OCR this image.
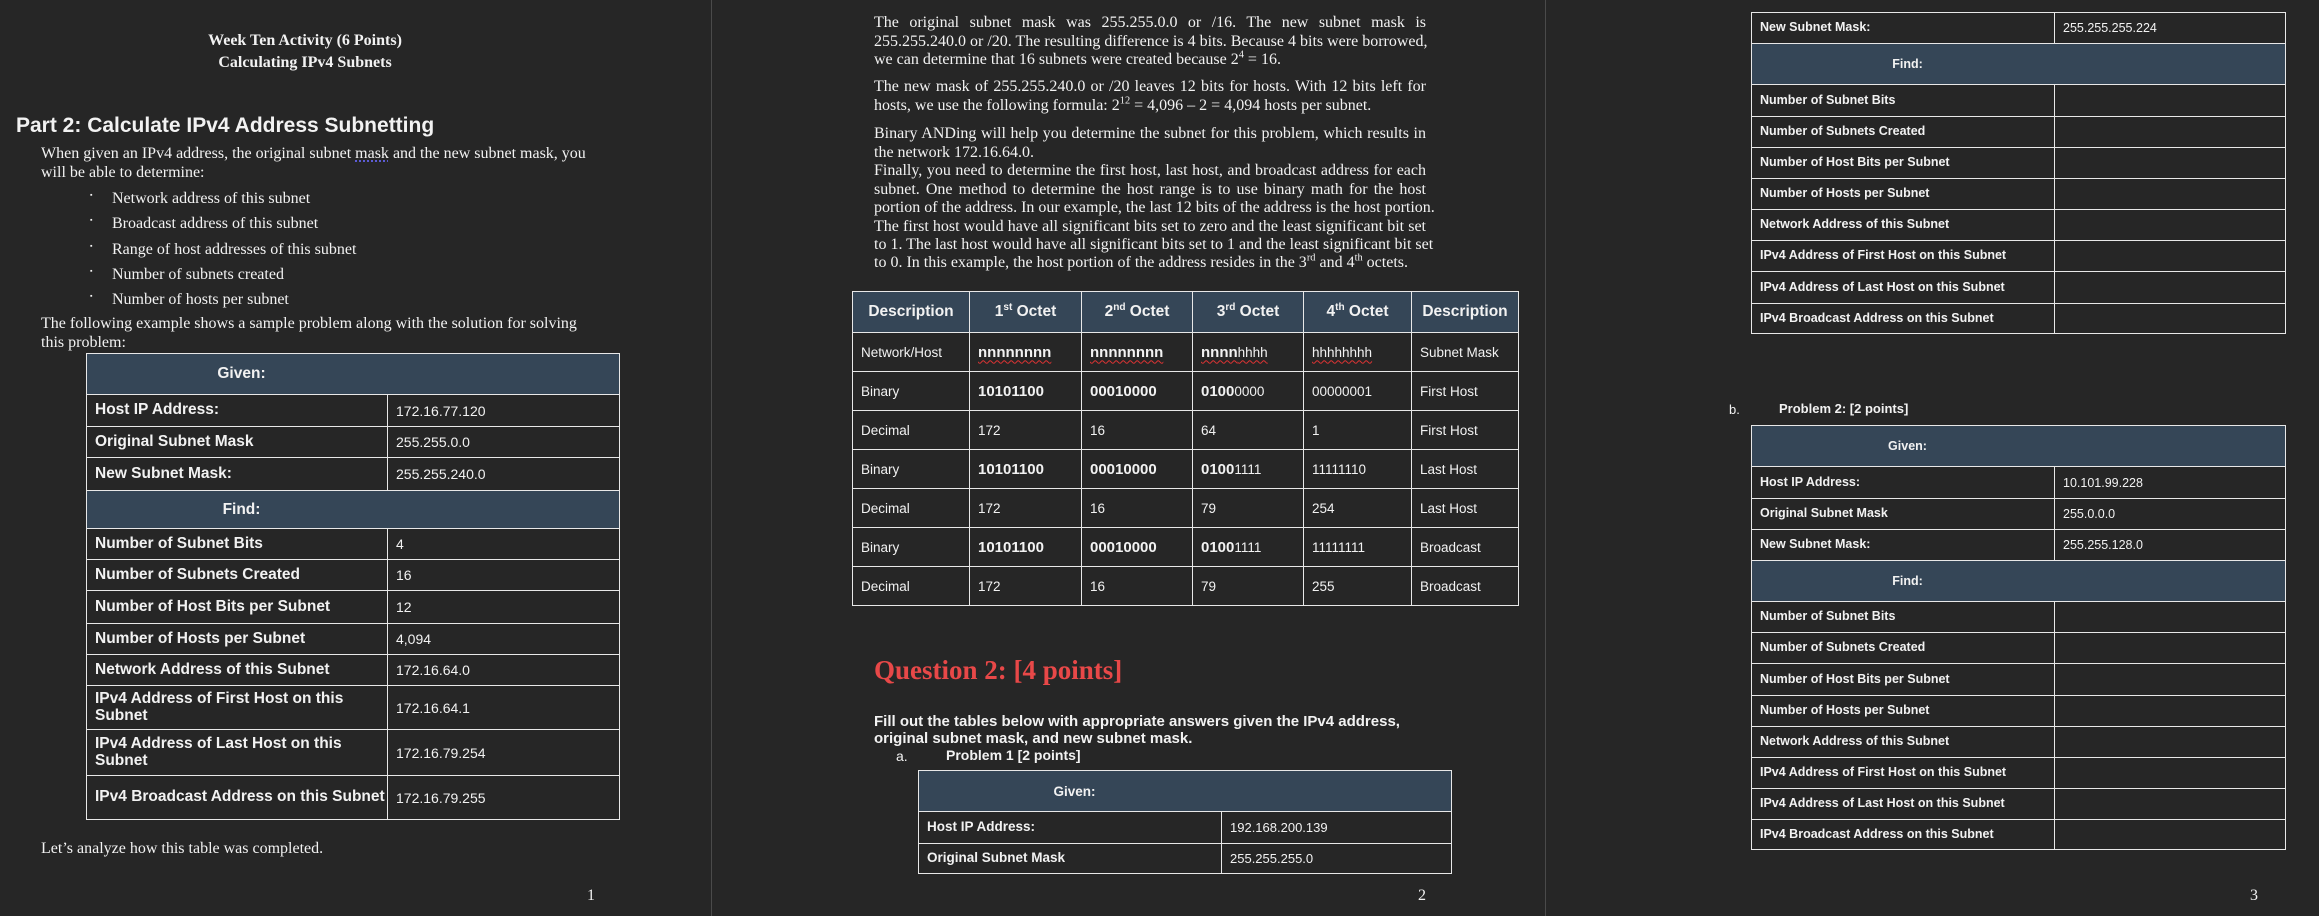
Week Ten Activity (6 Points)
Calculating IPv4 Subnets
Part 2: Calculate IPv4 Address Subnetting
When given an IPv4 address, the original subnet mask and the new subnet mask, you
will be able to determine:
▪ Network address of this subnet
▪ Broadcast address of this subnet
▪ Range of host addresses of this subnet
▪ Number of subnets created
▪ Number of hosts per subnet
The following example shows a sample problem along with the solution for solving
this problem:
Given:	

Host IP Address:	172.16.77.120
Original Subnet Mask	255.255.0.0
New Subnet Mask:	255.255.240.0

Find:	

Number of Subnet Bits	4
Number of Subnets Created	16
Number of Host Bits per Subnet	12
Number of Hosts per Subnet	4,094
Network Address of this Subnet	172.16.64.0
IPv4 Address of First Host on this Subnet	172.16.64.1
IPv4 Address of Last Host on this Subnet	172.16.79.254
IPv4 Broadcast Address on this Subnet	172.16.79.255
Let’s analyze how this table was completed.
1
The original subnet mask was 255.255.0.0 or /16. The new subnet mask is
255.255.240.0 or /20. The resulting difference is 4 bits. Because 4 bits were borrowed,
we can determine that 16 subnets were created because $2^4 = 16$.
The new mask of 255.255.240.0 or /20 leaves 12 bits for hosts. With 12 bits left for
hosts, we use the following formula: $2^{12} = 4,096 - 2 = 4,094$ hosts per subnet.
Binary ANDing will help you determine the subnet for this problem, which results in
the network 172.16.64.0.
Finally, you need to determine the first host, last host, and broadcast address for each
subnet. One method to determine the host range is to use binary math for the host
portion of the address. In our example, the last 12 bits of the address is the host portion.
The first host would have all significant bits set to zero and the least significant bit set
to 1. The last host would have all significant bits set to 1 and the least significant bit set
to 0. In this example, the host portion of the address resides in the 3rd and 4th octets.
Description	1st Octet	2nd Octet	3rd Octet	4th Octet	Description
Network/Host	nnnnnnnn	nnnnnnnn	nnnnhhhh	hhhhhhhh	Subnet Mask
Binary	10101100	00010000	01000000	00000001	First Host
Decimal	172	16	64	1	First Host
Binary	10101100	00010000	01001111	11111110	Last Host
Decimal	172	16	79	254	Last Host
Binary	10101100	00010000	01001111	11111111	Broadcast
Decimal	172	16	79	255	Broadcast
Question 2: [4 points]
Fill out the tables below with appropriate answers given the IPv4 address,
original subnet mask, and new subnet mask.
a.	Problem 1 [2 points]
Given:	

Host IP Address:	192.168.200.139
Original Subnet Mask	255.255.255.0
2
New Subnet Mask:	255.255.255.224

Find:	

Number of Subnet Bits	
Number of Subnets Created	
Number of Host Bits per Subnet	
Number of Hosts per Subnet	
Network Address of this Subnet	
IPv4 Address of First Host on this Subnet	
IPv4 Address of Last Host on this Subnet	
IPv4 Broadcast Address on this Subnet	
b.	Problem 2: [2 points]
Given:	

Host IP Address:	10.101.99.228
Original Subnet Mask	255.0.0.0
New Subnet Mask:	255.255.128.0

Find:	

Number of Subnet Bits	
Number of Subnets Created	
Number of Host Bits per Subnet	
Number of Hosts per Subnet	
Network Address of this Subnet	
IPv4 Address of First Host on this Subnet	
IPv4 Address of Last Host on this Subnet	
IPv4 Broadcast Address on this Subnet	
3
